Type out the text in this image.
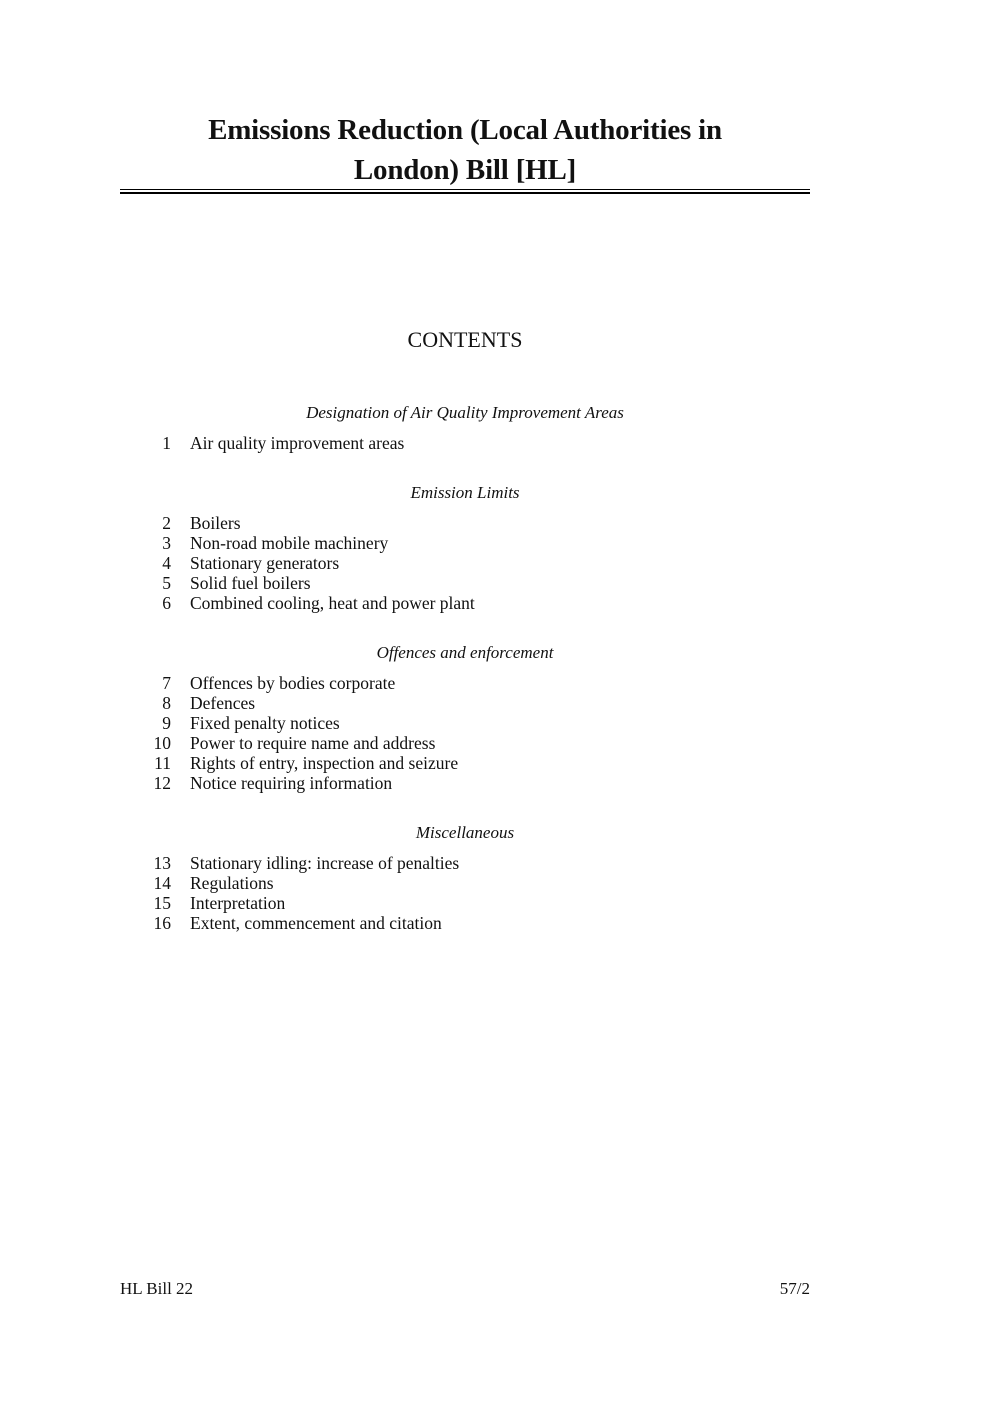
Emissions Reduction (Local Authorities in
London) Bill [HL]
CONTENTS
Designation of Air Quality Improvement Areas
1 Air quality improvement areas
Emission Limits
2 Boilers
3 Non-road mobile machinery
4 Stationary generators
5 Solid fuel boilers
6 Combined cooling, heat and power plant
Offences and enforcement
7 Offences by bodies corporate
8 Defences
9 Fixed penalty notices
10 Power to require name and address
11 Rights of entry, inspection and seizure
12 Notice requiring information
Miscellaneous
13 Stationary idling: increase of penalties
14 Regulations
15 Interpretation
16 Extent, commencement and citation
HL Bill 22	57/2
